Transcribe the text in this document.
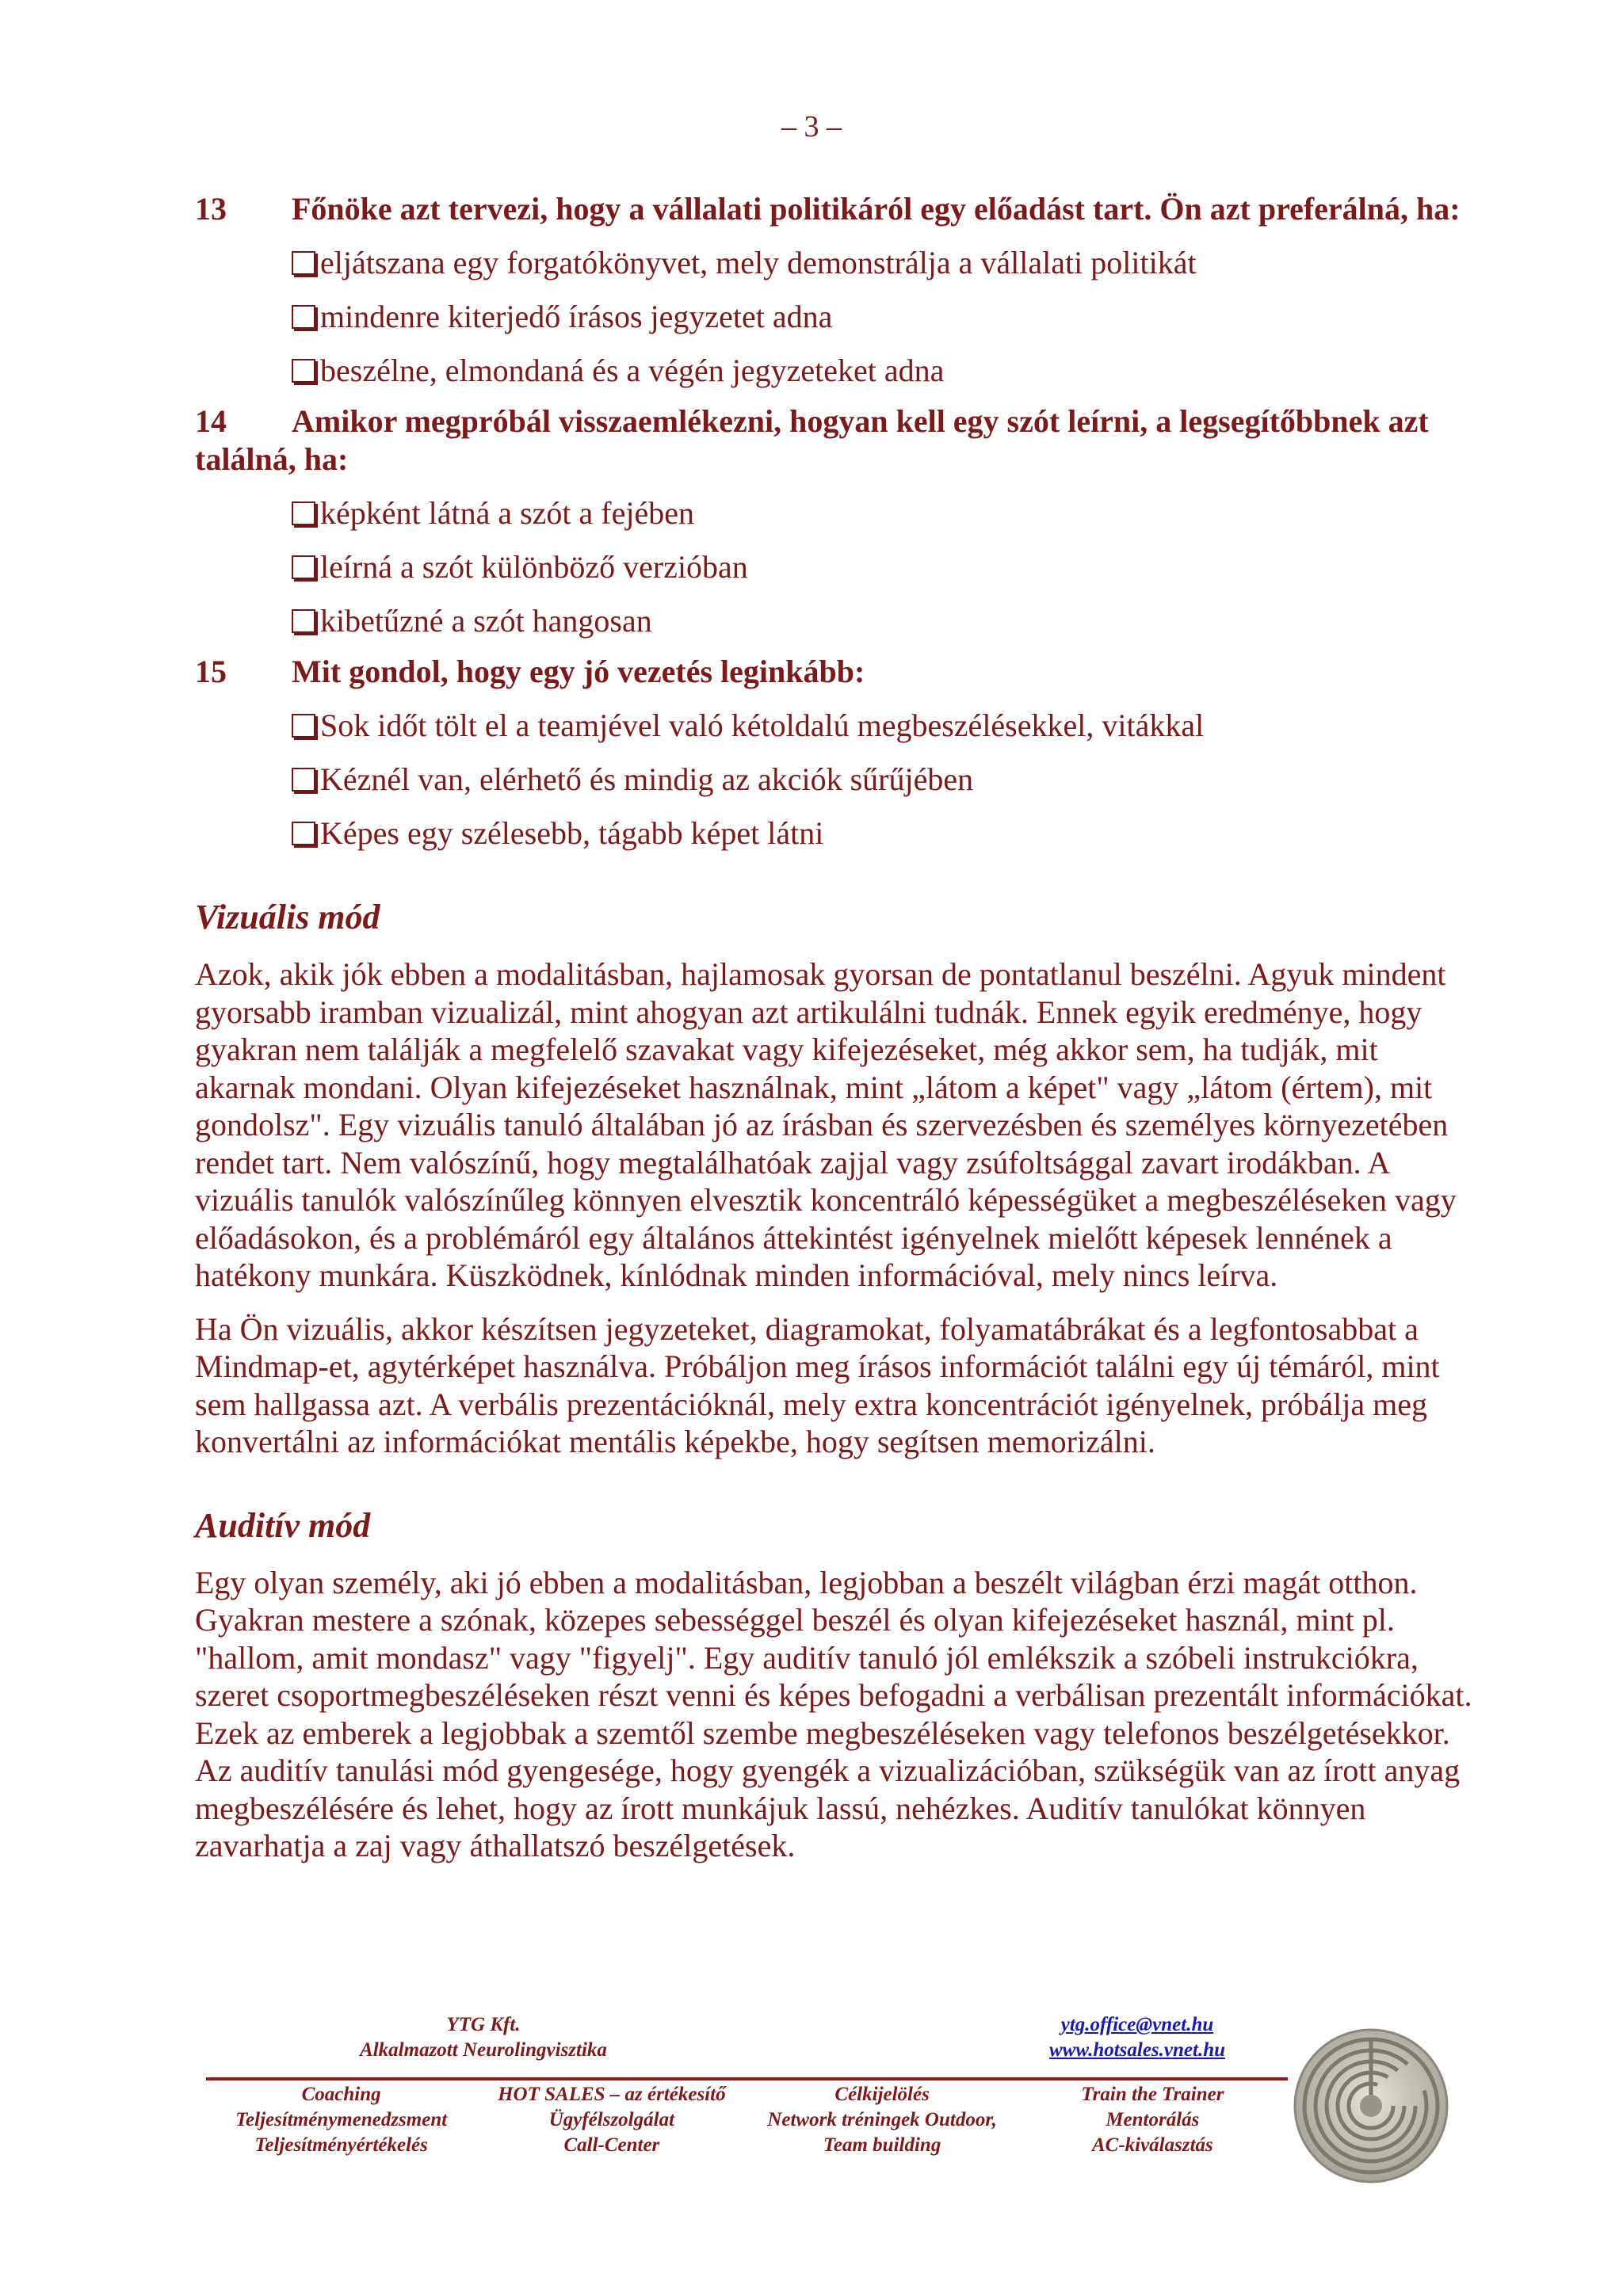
– 3 –

13 Főnöke azt tervezi, hogy a vállalati politikáról egy előadást tart. Ön azt preferálná, ha:

eljátszana egy forgatókönyvet, mely demonstrálja a vállalati politikát
mindenre kiterjedő írásos jegyzetet adna
beszélne, elmondaná és a végén jegyzeteket adna

14 Amikor megpróbál visszaemlékezni, hogyan kell egy szót leírni, a legsegítőbbnek azt találná, ha:

képként látná a szót a fejében
leírná a szót különböző verzióban
kibetűzné a szót hangosan

15 Mit gondol, hogy egy jó vezetés leginkább:

Sok időt tölt el a teamjével való kétoldalú megbeszélésekkel, vitákkal
Kéznél van, elérhető és mindig az akciók sűrűjében
Képes egy szélesebb, tágabb képet látni
Vizuális mód

Azok, akik jók ebben a modalitásban, hajlamosak gyorsan de pontatlanul beszélni. Agyuk mindent gyorsabb iramban vizualizál, mint ahogyan azt artikulálni tudnák. Ennek egyik eredménye, hogy gyakran nem találják a megfelelő szavakat vagy kifejezéseket, még akkor sem, ha tudják, mit akarnak mondani. Olyan kifejezéseket használnak, mint „látom a képet" vagy „látom (értem), mit gondolsz". Egy vizuális tanuló általában jó az írásban és szervezésben és személyes környezetében rendet tart. Nem valószínű, hogy megtalálhatóak zajjal vagy zsúfoltsággal zavart irodákban. A vizuális tanulók valószínűleg könnyen elvesztik koncentráló képességüket a megbeszéléseken vagy előadásokon, és a problémáról egy általános áttekintést igényelnek mielőtt képesek lennének a hatékony munkára. Küszködnek, kínlódnak minden információval, mely nincs leírva.

Ha Ön vizuális, akkor készítsen jegyzeteket, diagramokat, folyamatábrákat és a legfontosabbat a Mindmap-et, agytérképet használva. Próbáljon meg írásos információt találni egy új témáról, mint sem hallgassa azt. A verbális prezentációknál, mely extra koncentrációt igényelnek, próbálja meg konvertálni az információkat mentális képekbe, hogy segítsen memorizálni.

Auditív mód

Egy olyan személy, aki jó ebben a modalitásban, legjobban a beszélt világban érzi magát otthon. Gyakran mestere a szónak, közepes sebességgel beszél és olyan kifejezéseket használ, mint pl. "hallom, amit mondasz" vagy "figyelj". Egy auditív tanuló jól emlékszik a szóbeli instrukciókra, szeret csoportmegbeszéléseken részt venni és képes befogadni a verbálisan prezentált információkat. Ezek az emberek a legjobbak a szemtől szembe megbeszéléseken vagy telefonos beszélgetésekkor. Az auditív tanulási mód gyengesége, hogy gyengék a vizualizációban, szükségük van az írott anyag megbeszélésére és lehet, hogy az írott munkájuk lassú, nehézkes. Auditív tanulókat könnyen zavarhatja a zaj vagy áthallatszó beszélgetések.

YTG Kft.
Alkalmazott Neurolingvisztika
ytg.office@vnet.hu
www.hotsales.vnet.hu
Coaching
Teljesítménymenedzsment
Teljesítményértékelés
HOT SALES – az értékesítő
Ügyfélszolgálat
Call-Center
Célkijelölés
Network tréningek Outdoor,
Team building
Train the Trainer
Mentorálás
AC-kiválasztás
